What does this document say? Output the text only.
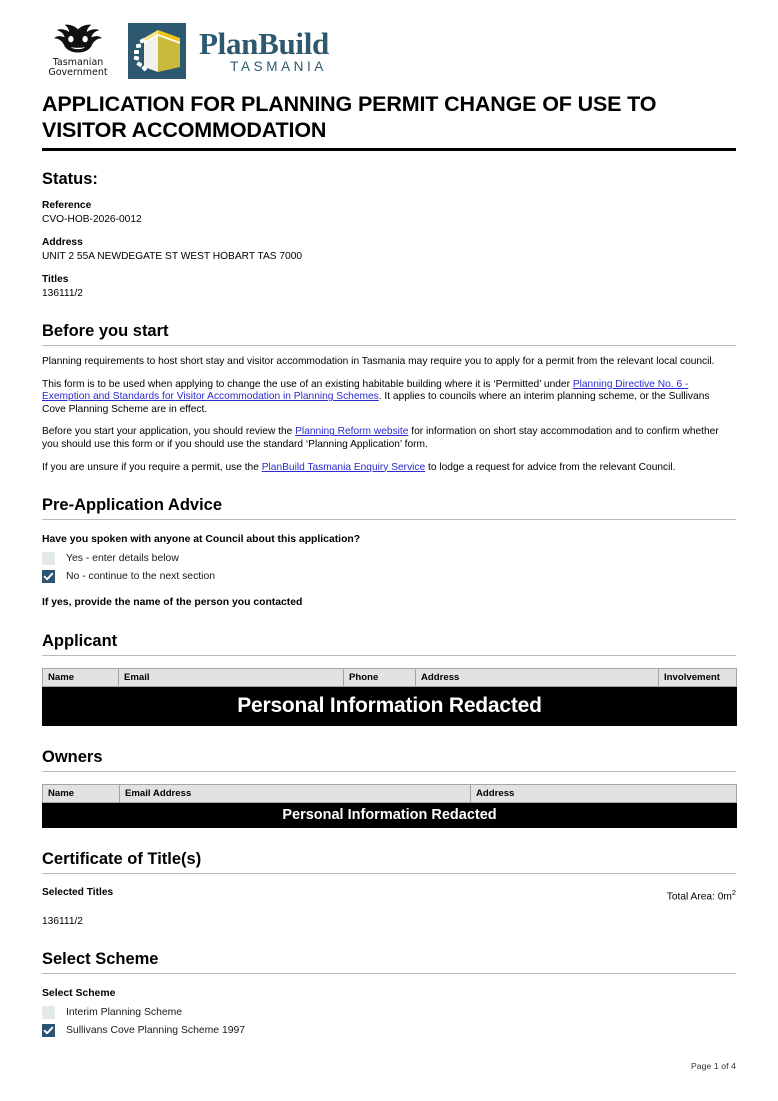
Tasmanian
Government
PlanBuild
TASMANIA
APPLICATION FOR PLANNING PERMIT CHANGE OF USE TO VISITOR ACCOMMODATION
Status:
Reference
CVO-HOB-2026-0012
Address
UNIT 2 55A NEWDEGATE ST WEST HOBART TAS 7000
Titles
136111/2
Before you start
Planning requirements to host short stay and visitor accommodation in Tasmania may require you to apply for a permit from the relevant local council.
This form is to be used when applying to change the use of an existing habitable building where it is ‘Permitted’ under Planning Directive No. 6 - Exemption and Standards for Visitor Accommodation in Planning Schemes. It applies to councils where an interim planning scheme, or the Sullivans Cove Planning Scheme are in effect.
Before you start your application, you should review the Planning Reform website for information on short stay accommodation and to confirm whether you should use this form or if you should use the standard ‘Planning Application’ form.
If you are unsure if you require a permit, use the PlanBuild Tasmania Enquiry Service to lodge a request for advice from the relevant Council.
Pre-Application Advice
Have you spoken with anyone at Council about this application?
Yes - enter details below
No - continue to the next section
If yes, provide the name of the person you contacted
Applicant
Name	Email	Phone	Address	Involvement
Personal Information Redacted
Owners
Name	Email Address	Address
Personal Information Redacted
Certificate of Title(s)
Selected Titles	Total Area: $0m^2$
136111/2
Select Scheme
Select Scheme
Interim Planning Scheme
Sullivans Cove Planning Scheme 1997
Page 1 of 4
